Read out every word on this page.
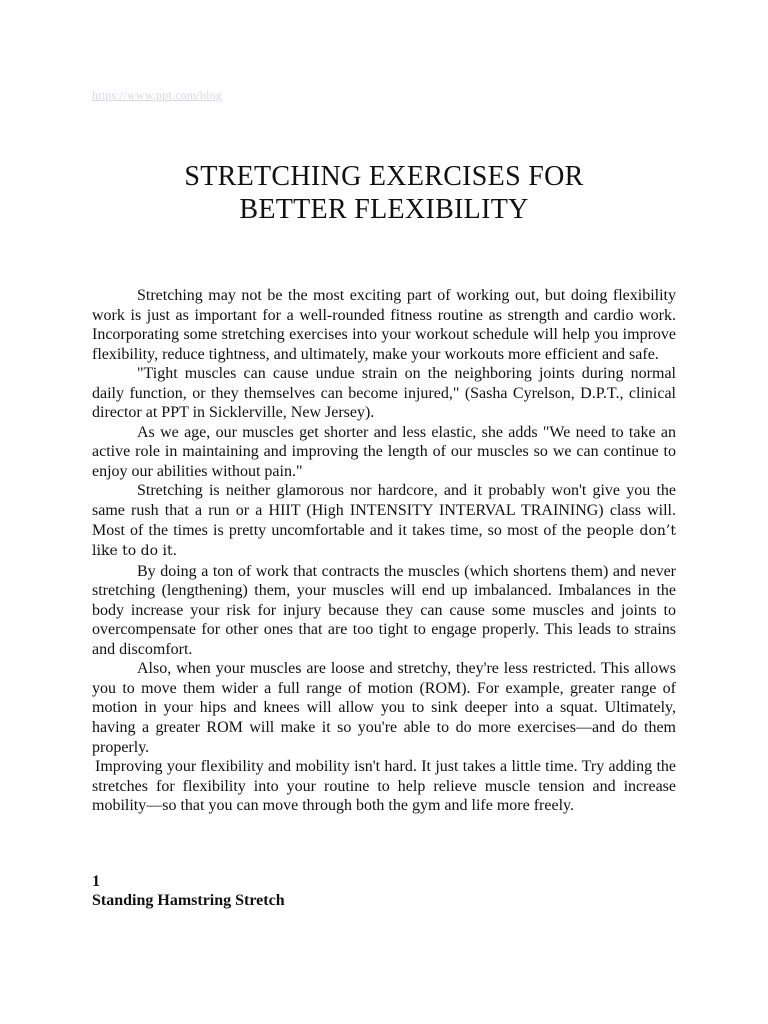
https://www.ppt.com/blog
STRETCHING EXERCISES FOR
BETTER FLEXIBILITY

Stretching may not be the most exciting part of working out, but doing flexibility work is just as important for a well-rounded fitness routine as strength and cardio work. Incorporating some stretching exercises into your workout schedule will help you improve flexibility, reduce tightness, and ultimately, make your workouts more efficient and safe.

"Tight muscles can cause undue strain on the neighboring joints during normal daily function, or they themselves can become injured," (Sasha Cyrelson, D.P.T., clinical director at PPT in Sicklerville, New Jersey).

As we age, our muscles get shorter and less elastic, she adds "We need to take an active role in maintaining and improving the length of our muscles so we can continue to enjoy our abilities without pain."

Stretching is neither glamorous nor hardcore, and it probably won't give you the same rush that a run or a HIIT (High INTENSITY INTERVAL TRAINING) class will. Most of the times is pretty uncomfortable and it takes time, so most of the people don’t like to do it.

By doing a ton of work that contracts the muscles (which shortens them) and never stretching (lengthening) them, your muscles will end up imbalanced. Imbalances in the body increase your risk for injury because they can cause some muscles and joints to overcompensate for other ones that are too tight to engage properly. This leads to strains and discomfort.

Also, when your muscles are loose and stretchy, they're less restricted. This allows you to move them wider a full range of motion (ROM). For example, greater range of motion in your hips and knees will allow you to sink deeper into a squat. Ultimately, having a greater ROM will make it so you're able to do more exercises—and do them properly.

Improving your flexibility and mobility isn't hard. It just takes a little time. Try adding the stretches for flexibility into your routine to help relieve muscle tension and increase mobility—so that you can move through both the gym and life more freely.

1
Standing Hamstring Stretch
